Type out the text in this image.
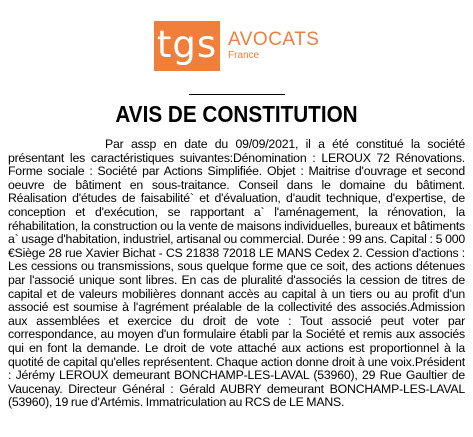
tgs AVOCATS
France
AVIS DE CONSTITUTION
Par assp en date du 09/09/2021, il a été constitué la société présentant les caractéristiques suivantes:Dénomination : LEROUX 72 Rénovations. Forme sociale : Société par Actions Simplifiée. Objet : Maitrise d'ouvrage et second oeuvre de bâtiment en sous-traitance. Conseil dans le domaine du bâtiment. Réalisation d'études de faisabilité` et d'évaluation, d'audit technique, d'expertise, de conception et d'exécution, se rapportant a` l'aménagement, la rénovation, la réhabilitation, la construction ou la vente de maisons individuelles, bureaux et bâtiments a` usage d'habitation, industriel, artisanal ou commercial. Durée : 99 ans. Capital : 5 000 €Siège 28 rue Xavier Bichat - CS 21838 72018 LE MANS Cedex 2. Cession d'actions : Les cessions ou transmissions, sous quelque forme que ce soit, des actions détenues par l'associé unique sont libres. En cas de pluralité d'associés la cession de titres de capital et de valeurs mobilières donnant accès au capital à un tiers ou au profit d'un associé est soumise à l'agrément préalable de la collectivité des associés.Admission aux assemblées et exercice du droit de vote : Tout associé peut voter par correspondance, au moyen d'un formulaire établi par la Société et remis aux associés qui en font la demande. Le droit de vote attaché aux actions est proportionnel à la quotité de capital qu'elles représentent. Chaque action donne droit à une voix.Président : Jérémy LEROUX demeurant BONCHAMP-LES-LAVAL (53960), 29 Rue Gaultier de Vaucenay. Directeur Général : Gérald AUBRY demeurant BONCHAMP-LES-LAVAL (53960), 19 rue d'Artémis. Immatriculation au RCS de LE MANS.
